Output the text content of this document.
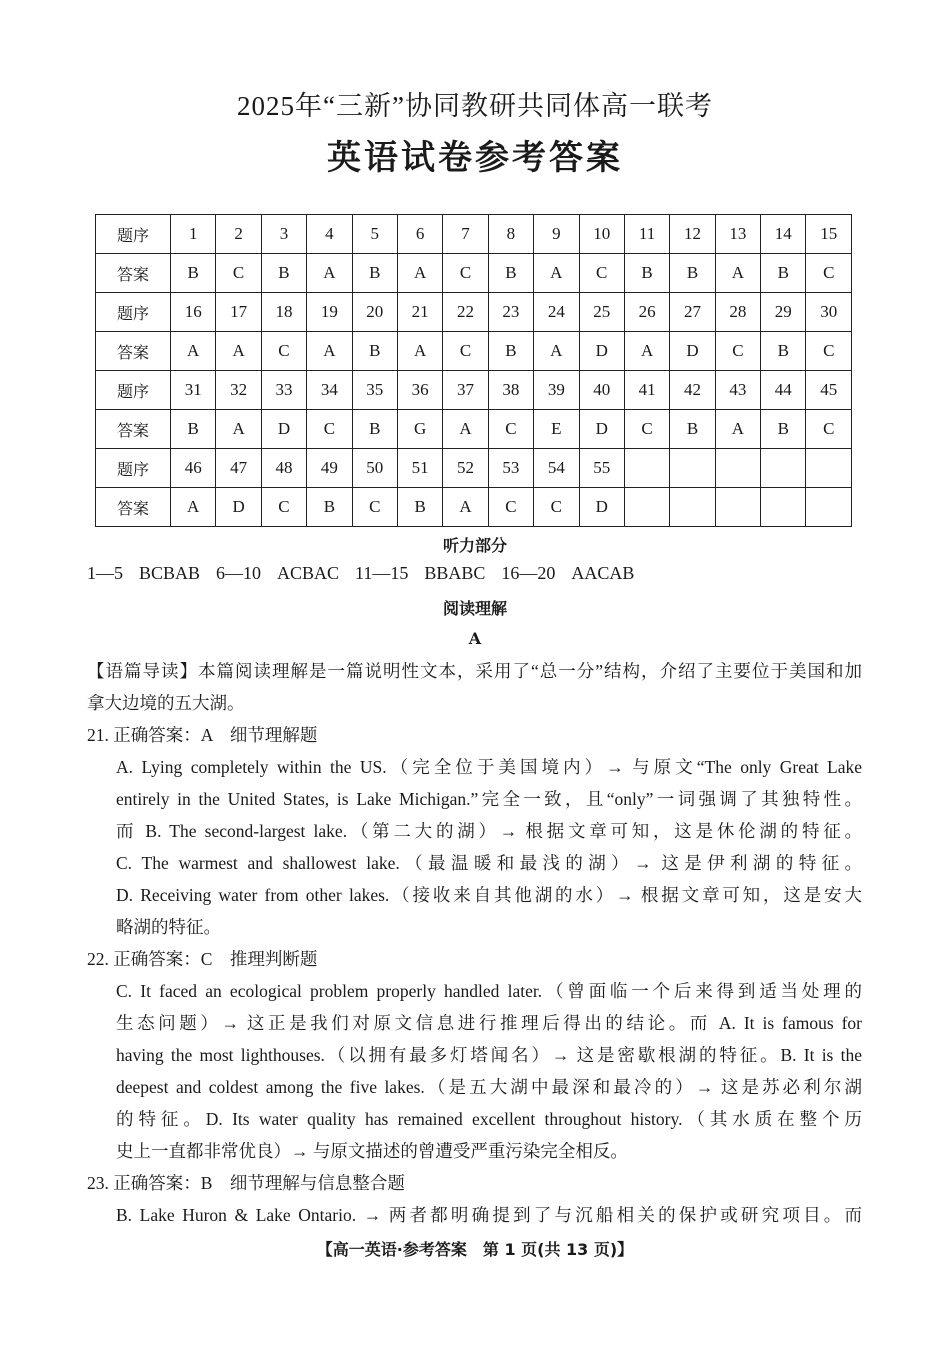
2025年“三新”协同教研共同体高一联考
英语试卷参考答案
题序	1	2	3	4	5	6	7	8	9	10	11	12	13	14	15
答案	B	C	B	A	B	A	C	B	A	C	B	B	A	B	C
题序	16	17	18	19	20	21	22	23	24	25	26	27	28	29	30
答案	A	A	C	A	B	A	C	B	A	D	A	D	C	B	C
题序	31	32	33	34	35	36	37	38	39	40	41	42	43	44	45
答案	B	A	D	C	B	G	A	C	E	D	C	B	A	B	C
题序	46	47	48	49	50	51	52	53	54	55					
答案	A	D	C	B	C	B	A	C	C	D					
听力部分
1—5 BCBAB 6—10 ACBAC 11—15 BBABC 16—20 AACAB
阅读理解
A
【语篇导读】本篇阅读理解是一篇说明性文本，采用了“总一分”结构，介绍了主要位于美国和加
拿大边境的五大湖。
21. 正确答案：A　细节理解题
A. Lying completely within the US.（完全位于美国境内）→ 与原文“The only Great Lake
entirely in the United States, is Lake Michigan.”完全一致，且“only”一词强调了其独特性。
而 B. The second-largest lake.（第二大的湖）→ 根据文章可知，这是休伦湖的特征。
C. The warmest and shallowest lake.（最温暖和最浅的湖）→ 这是伊利湖的特征。
D. Receiving water from other lakes.（接收来自其他湖的水）→ 根据文章可知，这是安大
略湖的特征。
22. 正确答案：C　推理判断题
C. It faced an ecological problem properly handled later.（曾面临一个后来得到适当处理的
生态问题）→ 这正是我们对原文信息进行推理后得出的结论。而 A. It is famous for
having the most lighthouses.（以拥有最多灯塔闻名）→ 这是密歇根湖的特征。B. It is the
deepest and coldest among the five lakes.（是五大湖中最深和最冷的）→ 这是苏必利尔湖
的特征。D. Its water quality has remained excellent throughout history.（其水质在整个历
史上一直都非常优良）→ 与原文描述的曾遭受严重污染完全相反。
23. 正确答案：B　细节理解与信息整合题
B. Lake Huron & Lake Ontario. → 两者都明确提到了与沉船相关的保护或研究项目。而
【高一英语·参考答案　第 1 页(共 13 页)】
